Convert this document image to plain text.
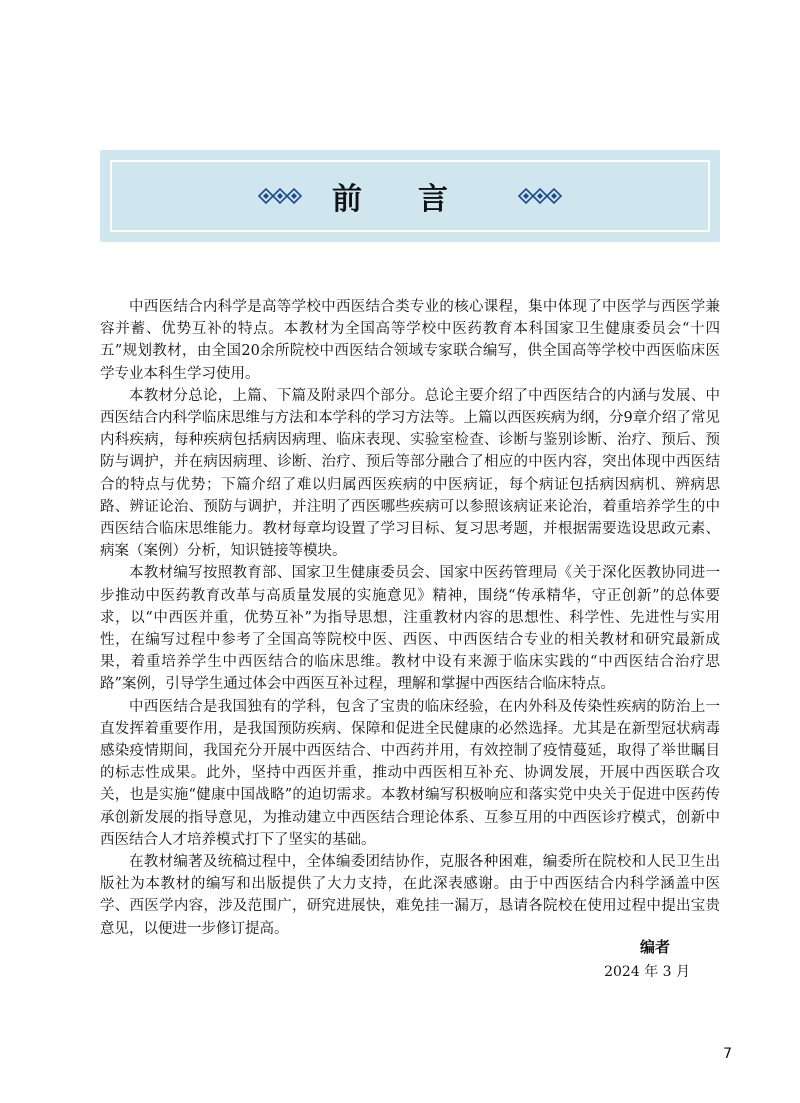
前言

中西医结合内科学是高等学校中西医结合类专业的核心课程，集中体现了中医学与西医学兼容并蓄、优势互补的特点。本教材为全国高等学校中医药教育本科国家卫生健康委员会“十四五”规划教材，由全国20余所院校中西医结合领域专家联合编写，供全国高等学校中西医临床医学专业本科生学习使用。

本教材分总论，上篇、下篇及附录四个部分。总论主要介绍了中西医结合的内涵与发展、中西医结合内科学临床思维与方法和本学科的学习方法等。上篇以西医疾病为纲，分9章介绍了常见内科疾病，每种疾病包括病因病理、临床表现、实验室检查、诊断与鉴别诊断、治疗、预后、预防与调护，并在病因病理、诊断、治疗、预后等部分融合了相应的中医内容，突出体现中西医结合的特点与优势；下篇介绍了难以归属西医疾病的中医病证，每个病证包括病因病机、辨病思路、辨证论治、预防与调护，并注明了西医哪些疾病可以参照该病证来论治，着重培养学生的中西医结合临床思维能力。教材每章均设置了学习目标、复习思考题，并根据需要选设思政元素、病案（案例）分析，知识链接等模块。

本教材编写按照教育部、国家卫生健康委员会、国家中医药管理局《关于深化医教协同进一步推动中医药教育改革与高质量发展的实施意见》精神，围绕“传承精华，守正创新”的总体要求，以“中西医并重，优势互补”为指导思想，注重教材内容的思想性、科学性、先进性与实用性，在编写过程中参考了全国高等院校中医、西医、中西医结合专业的相关教材和研究最新成果，着重培养学生中西医结合的临床思维。教材中设有来源于临床实践的“中西医结合治疗思路”案例，引导学生通过体会中西医互补过程，理解和掌握中西医结合临床特点。

中西医结合是我国独有的学科，包含了宝贵的临床经验，在内外科及传染性疾病的防治上一直发挥着重要作用，是我国预防疾病、保障和促进全民健康的必然选择。尤其是在新型冠状病毒感染疫情期间，我国充分开展中西医结合、中西药并用，有效控制了疫情蔓延，取得了举世瞩目的标志性成果。此外，坚持中西医并重，推动中西医相互补充、协调发展，开展中西医联合攻关，也是实施“健康中国战略”的迫切需求。本教材编写积极响应和落实党中央关于促进中医药传承创新发展的指导意见，为推动建立中西医结合理论体系、互参互用的中西医诊疗模式，创新中西医结合人才培养模式打下了坚实的基础。

在教材编著及统稿过程中，全体编委团结协作，克服各种困难，编委所在院校和人民卫生出版社为本教材的编写和出版提供了大力支持，在此深表感谢。由于中西医结合内科学涵盖中医学、西医学内容，涉及范围广，研究进展快，难免挂一漏万，恳请各院校在使用过程中提出宝贵意见，以便进一步修订提高。

编者
2024 年 3 月
7
